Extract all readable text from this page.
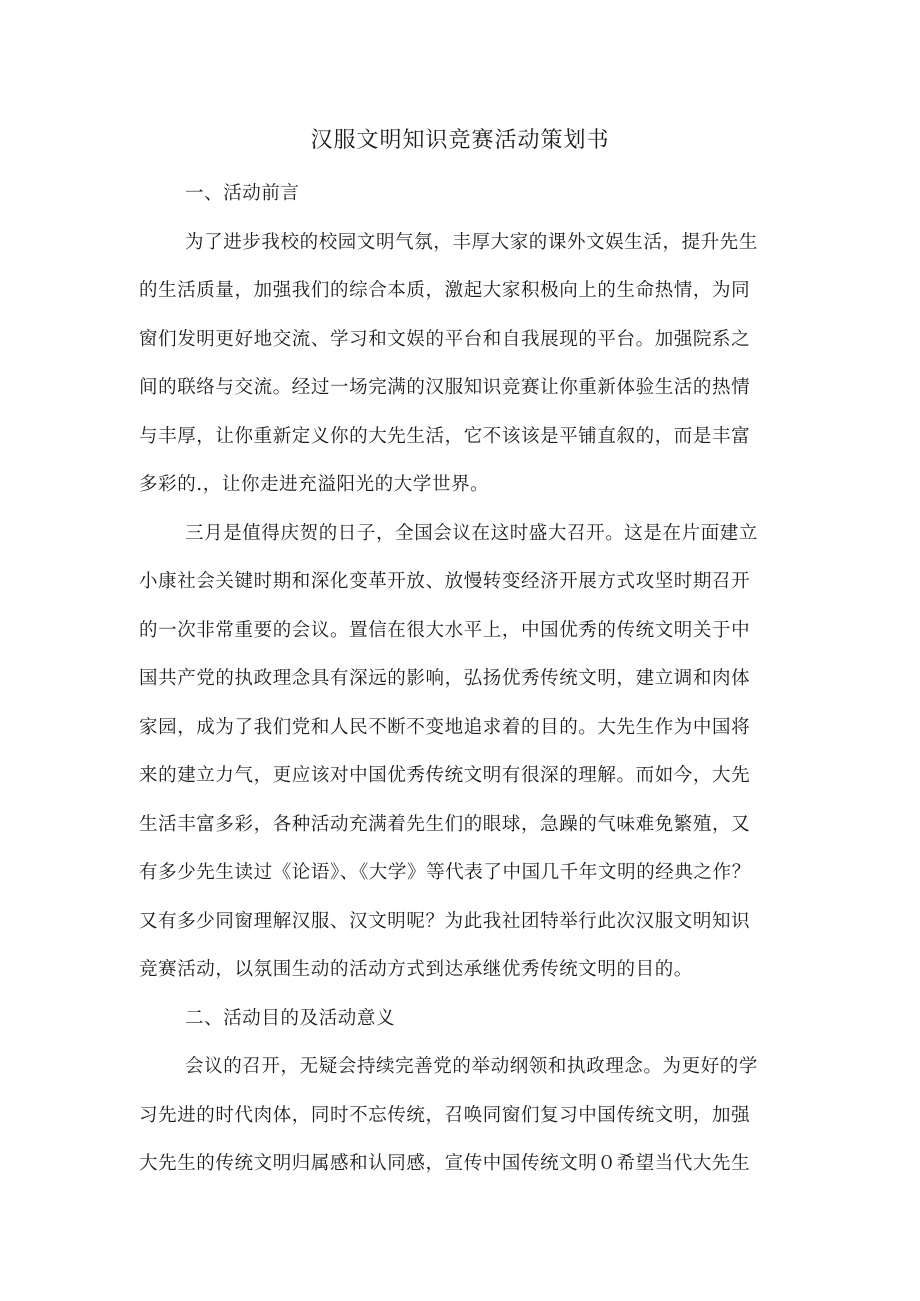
汉服文明知识竞赛活动策划书
一、活动前言
为了进步我校的校园文明气氛，丰厚大家的课外文娱生活，提升先生
的生活质量，加强我们的综合本质，激起大家积极向上的生命热情，为同
窗们发明更好地交流、学习和文娱的平台和自我展现的平台。加强院系之
间的联络与交流。经过一场完满的汉服知识竞赛让你重新体验生活的热情
与丰厚，让你重新定义你的大先生活，它不该该是平铺直叙的，而是丰富
多彩的.，让你走进充溢阳光的大学世界。
三月是值得庆贺的日子，全国会议在这时盛大召开。这是在片面建立
小康社会关键时期和深化变革开放、放慢转变经济开展方式攻坚时期召开
的一次非常重要的会议。置信在很大水平上，中国优秀的传统文明关于中
国共产党的执政理念具有深远的影响，弘扬优秀传统文明，建立调和肉体
家园，成为了我们党和人民不断不变地追求着的目的。大先生作为中国将
来的建立力气，更应该对中国优秀传统文明有很深的理解。而如今，大先
生活丰富多彩，各种活动充满着先生们的眼球，急躁的气味难免繁殖，又
有多少先生读过《论语》、《大学》等代表了中国几千年文明的经典之作？
又有多少同窗理解汉服、汉文明呢？为此我社团特举行此次汉服文明知识
竞赛活动，以氛围生动的活动方式到达承继优秀传统文明的目的。
二、活动目的及活动意义
会议的召开，无疑会持续完善党的举动纲领和执政理念。为更好的学
习先进的时代肉体，同时不忘传统，召唤同窗们复习中国传统文明，加强
大先生的传统文明归属感和认同感，宣传中国传统文明０希望当代大先生
